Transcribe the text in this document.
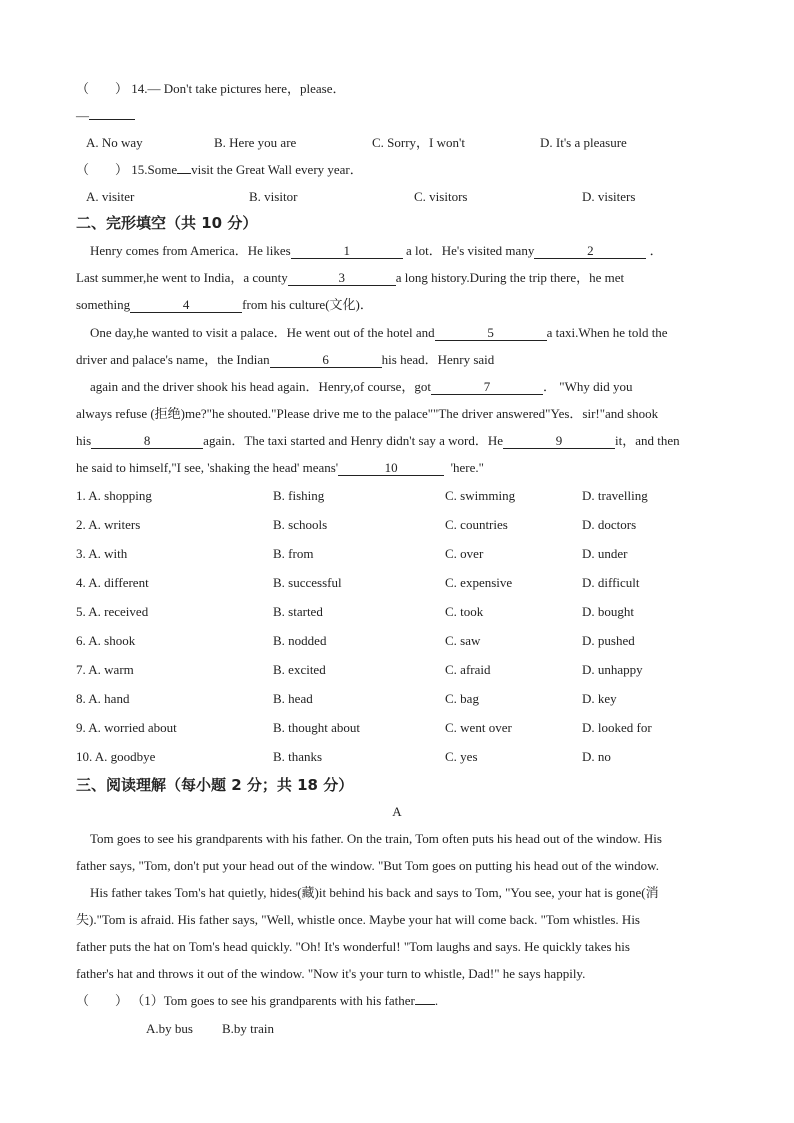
（　　） 14.— Don't take pictures here，please．
—
A. No way	B. Here you are	C. Sorry，I won't	D. It's a pleasure
（　　） 15.Some visit the Great Wall every year．
A. visiter	B. visitor	C. visitors	D. visiters
二、完形填空（共 10 分）
Henry comes from America．He likes	1	a lot．He's visited many	2	．
Last summer,he went to India，a county	3	a long history.During the trip there，he met
something	4	from his culture(文化)．
One day,he wanted to visit a palace．He went out of the hotel and	5	a taxi.When he told the
driver and palace's name，the Indian	6	his head．Henry said
again and the driver shook his head again．Henry,of course，got	7	． "Why did you
always refuse (拒绝)me?"he shouted."Please drive me to the palace""The driver answered"Yes．sir!"and shook
his	8	again．The taxi started and Henry didn't say a word．He	9	it，and then
he said to himself,"I see, 'shaking the head' means'	10	'here."
1. A. shopping	B. fishing	C. swimming	D. travelling
2. A. writers	B. schools	C. countries	D. doctors
3. A. with	B. from	C. over	D. under
4. A. different	B. successful	C. expensive	D. difficult
5. A. received	B. started	C. took	D. bought
6. A. shook	B. nodded	C. saw	D. pushed
7. A. warm	B. excited	C. afraid	D. unhappy
8. A. hand	B. head	C. bag	D. key
9. A. worried about	B. thought about	C. went over	D. looked for
10. A. goodbye	B. thanks	C. yes	D. no
三、阅读理解（每小题 2 分；共 18 分）
A
Tom goes to see his grandparents with his father. On the train, Tom often puts his head out of the window. His
father says, "Tom, don't put your head out of the window. "But Tom goes on putting his head out of the window.
His father takes Tom's hat quietly, hides(藏)it behind his back and says to Tom, "You see, your hat is gone(消
失)."Tom is afraid. His father says, "Well, whistle once. Maybe your hat will come back. "Tom whistles. His
father puts the hat on Tom's head quickly. "Oh! It's wonderful! "Tom laughs and says. He quickly takes his
father's hat and throws it out of the window. "Now it's your turn to whistle, Dad!" he says happily.
（　　） （1）Tom goes to see his grandparents with his father .
A.by bus B.by train
